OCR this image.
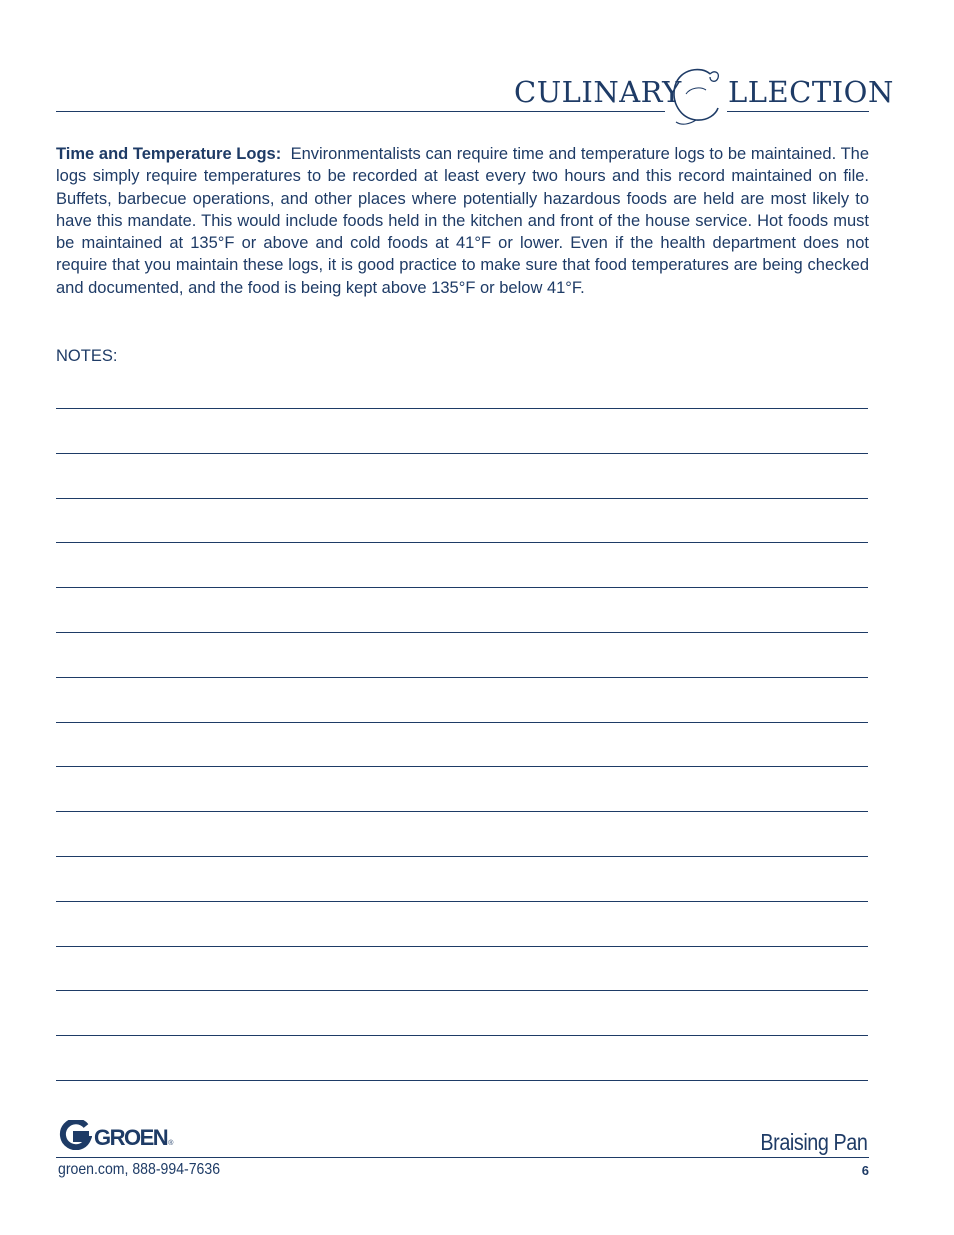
CULINARY
C
LLECTION
Time and Temperature Logs: Environmentalists can require time and temperature logs to be maintained. The logs simply require temperatures to be recorded at least every two hours and this record maintained on file. Buffets, barbecue operations, and other places where potentially hazardous foods are held are most likely to have this mandate. This would include foods held in the kitchen and front of the house service. Hot foods must be maintained at 135°F or above and cold foods at 41°F or lower. Even if the health department does not require that you maintain these logs, it is good practice to make sure that food temperatures are being checked and documented, and the food is being kept above 135°F or below 41°F.
NOTES:
GROEN ®	Braising Pan
groen.com, 888-994-7636	6
